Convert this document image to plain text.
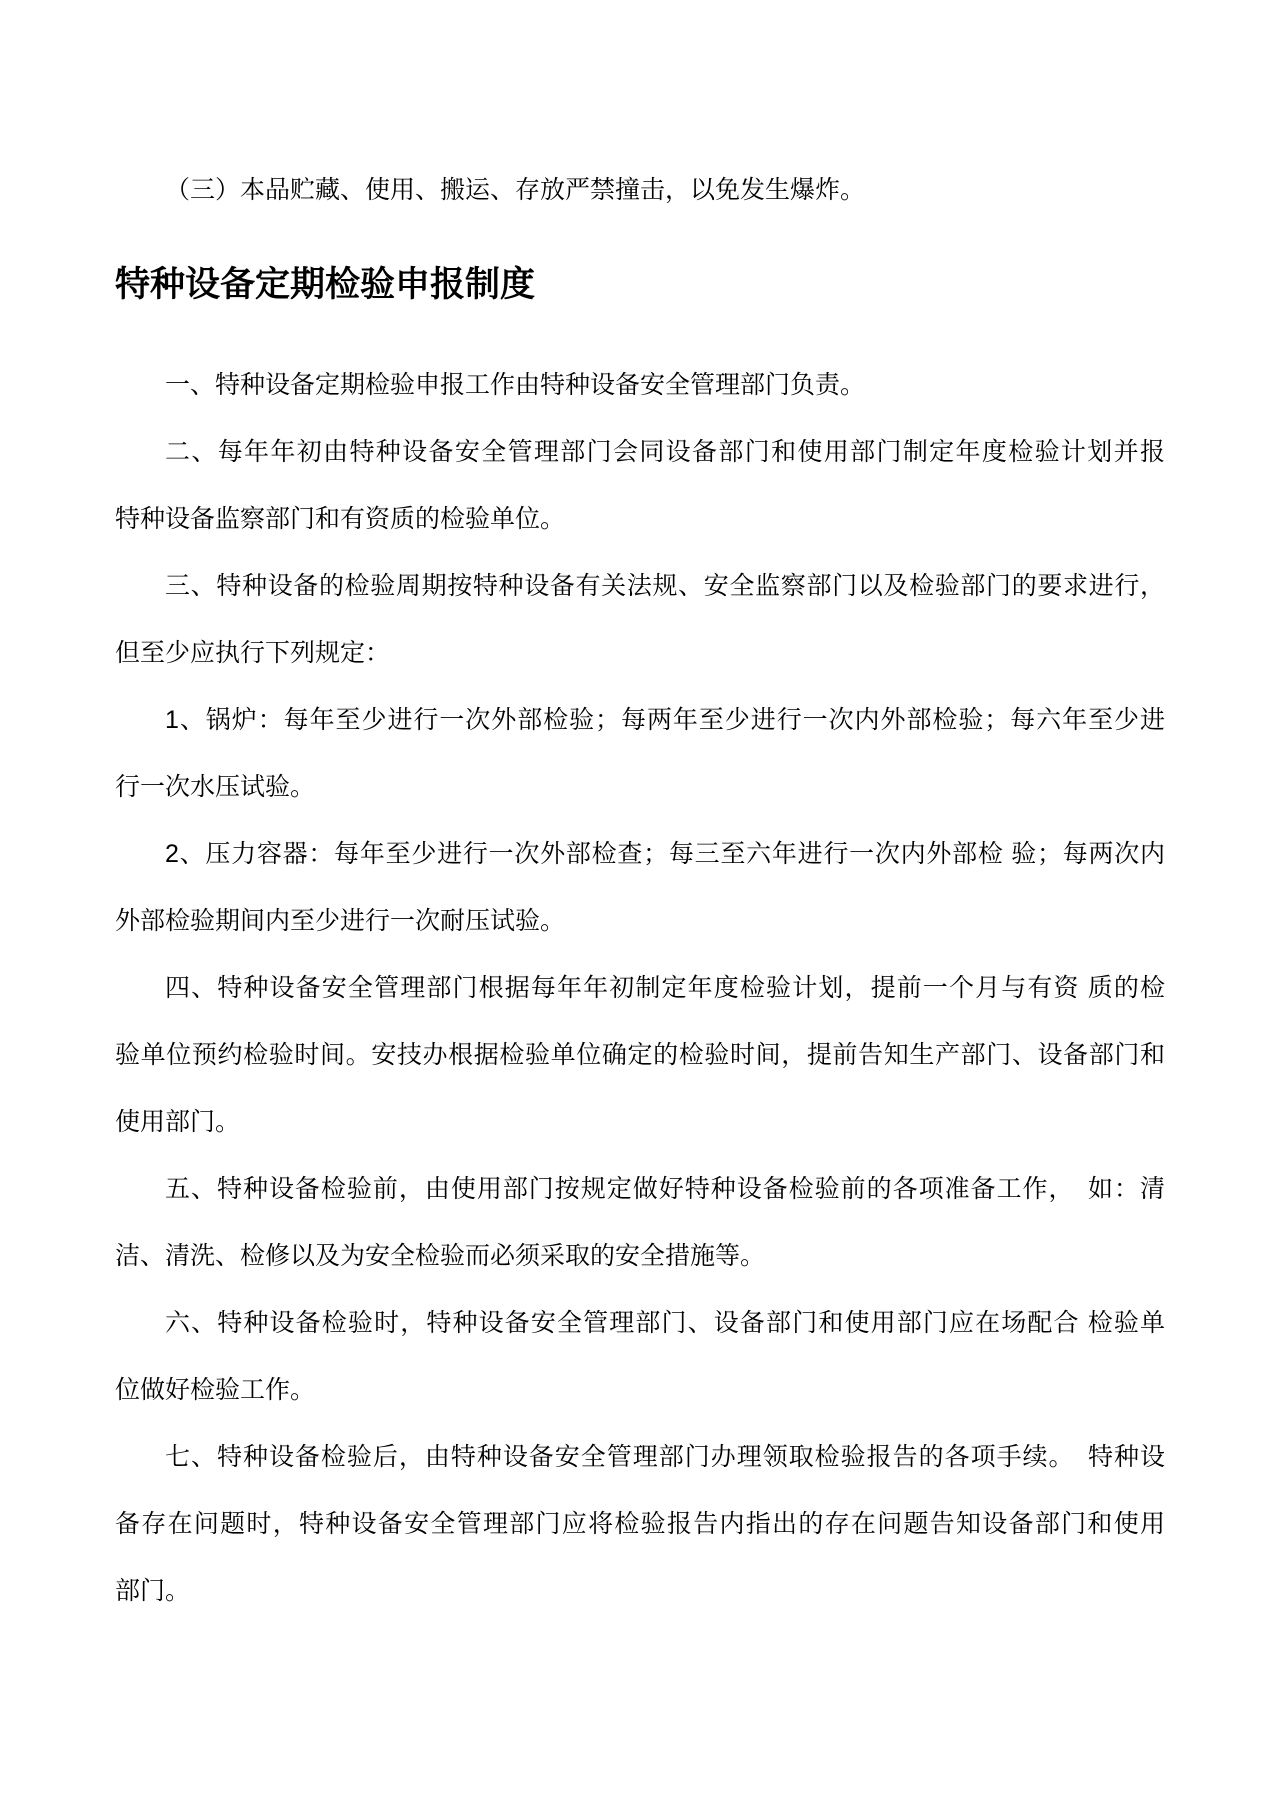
（三）本品贮藏、使用、搬运、存放严禁撞击，以免发生爆炸。
特种设备定期检验申报制度
一、特种设备定期检验申报工作由特种设备安全管理部门负责。
二、每年年初由特种设备安全管理部门会同设备部门和使用部门制定年度检验计划并报
特种设备监察部门和有资质的检验单位。
三、特种设备的检验周期按特种设备有关法规、安全监察部门以及检验部门的要求进行，
但至少应执行下列规定：
1、锅炉：每年至少进行一次外部检验；每两年至少进行一次内外部检验；每六年至少进
行一次水压试验。
2、压力容器：每年至少进行一次外部检查；每三至六年进行一次内外部检 验；每两次内
外部检验期间内至少进行一次耐压试验。
四、特种设备安全管理部门根据每年年初制定年度检验计划，提前一个月与有资 质的检
验单位预约检验时间。安技办根据检验单位确定的检验时间，提前告知生产部门、设备部门和
使用部门。
五、特种设备检验前，由使用部门按规定做好特种设备检验前的各项准备工作，　如：清
洁、清洗、检修以及为安全检验而必须采取的安全措施等。
六、特种设备检验时，特种设备安全管理部门、设备部门和使用部门应在场配合 检验单
位做好检验工作。
七、特种设备检验后，由特种设备安全管理部门办理领取检验报告的各项手续。　特种设
备存在问题时，特种设备安全管理部门应将检验报告内指出的存在问题告知设备部门和使用
部门。
